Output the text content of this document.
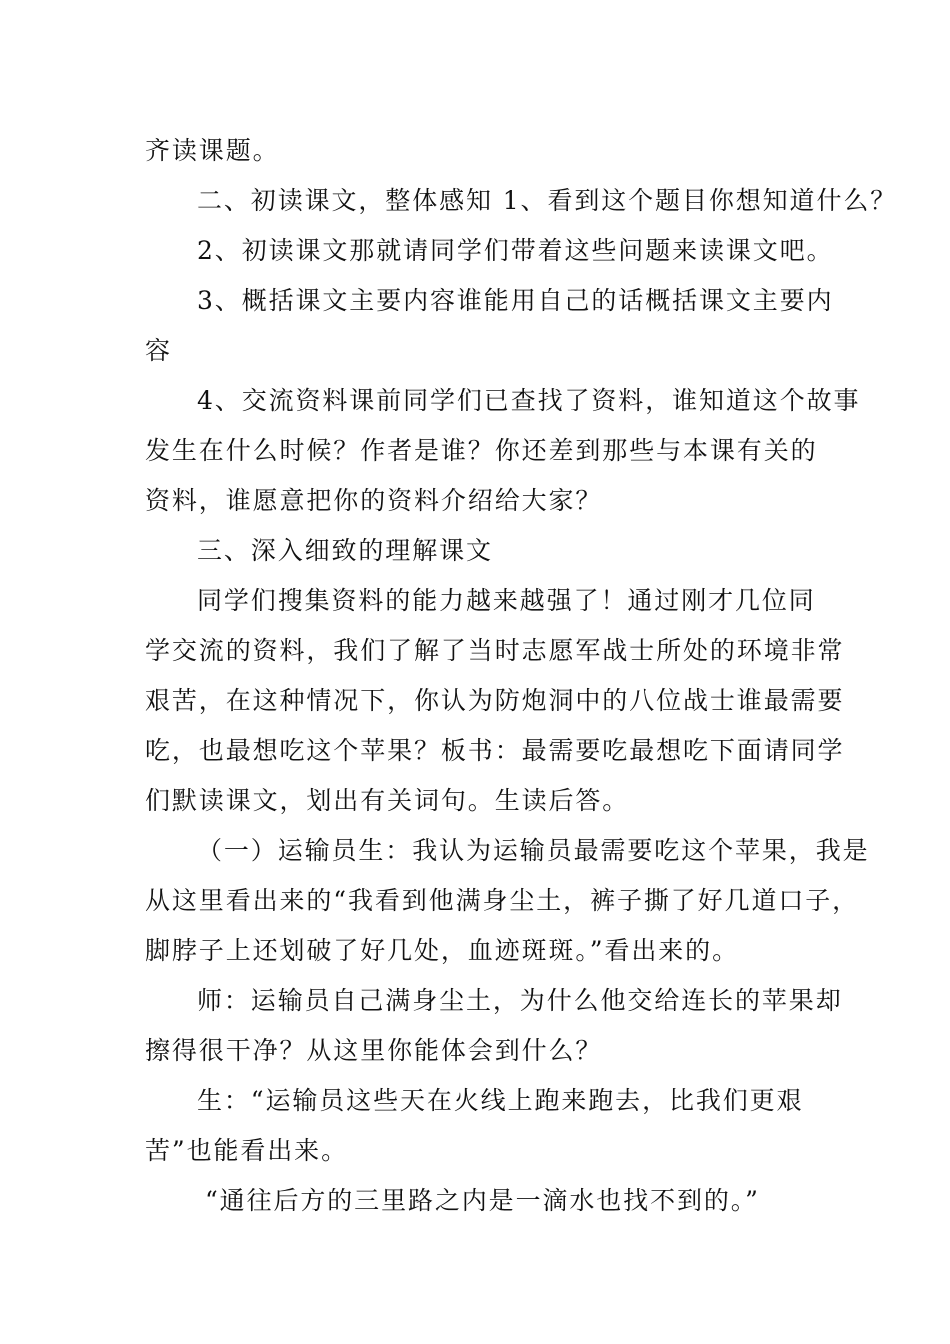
齐读课题。
二、初读课文，整体感知 1、看到这个题目你想知道什么？
2、初读课文那就请同学们带着这些问题来读课文吧。
3、概括课文主要内容谁能用自己的话概括课文主要内
容
4、交流资料课前同学们已查找了资料，谁知道这个故事
发生在什么时候？作者是谁？你还差到那些与本课有关的
资料，谁愿意把你的资料介绍给大家？
三、深入细致的理解课文
同学们搜集资料的能力越来越强了！通过刚才几位同
学交流的资料，我们了解了当时志愿军战士所处的环境非常
艰苦，在这种情况下，你认为防炮洞中的八位战士谁最需要
吃，也最想吃这个苹果？板书：最需要吃最想吃下面请同学
们默读课文，划出有关词句。生读后答。
（一）运输员生：我认为运输员最需要吃这个苹果，我是
从这里看出来的“我看到他满身尘土，裤子撕了好几道口子，
脚脖子上还划破了好几处，血迹斑斑。”看出来的。
师：运输员自己满身尘土，为什么他交给连长的苹果却
擦得很干净？从这里你能体会到什么？
生：“运输员这些天在火线上跑来跑去，比我们更艰
苦”也能看出来。
“通往后方的三里路之内是一滴水也找不到的。”
